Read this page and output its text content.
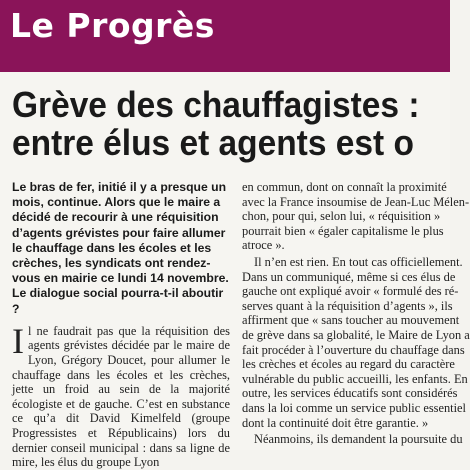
Le Progrès
Grève des chauffagistes :
entre élus et agents est o

Le bras de fer, initié il y a presque un mois, continue. Alors que le maire a décidé de recourir à une réquisition d’agents grévistes pour faire allumer le chauffage dans les écoles et les crèches, les syndicats ont rendez-vous en mairie ce lundi 14 novembre. Le dialogue social pourra-t-il aboutir ?

Il ne faudrait pas que la réquisition des agents grévistes décidée par le maire de Lyon, Grégory Doucet, pour allumer le chauffage dans les écoles et les crèches, jette un froid au sein de la majorité écologiste et de gauche. C’est en substance ce qu’a dit David Kimelfeld (groupe Progressistes et Républicains) lors du dernier conseil municipal : dans sa ligne de mire, les élus du groupe Lyon

en commun, dont on connaît la proximité
avec la France insoumise de Jean-Luc Mélen-
chon, pour qui, selon lui, « réquisition »
pourrait bien « égaler capitalisme le plus
atroce ».
Il n’en est rien. En tout cas officiellement.
Dans un communiqué, même si ces élus de
gauche ont expliqué avoir « formulé des ré-
serves quant à la réquisition d’agents », ils
affirment que « sans toucher au mouvement
de grève dans sa globalité, le Maire de Lyon a
fait procéder à l’ouverture du chauffage dans
les crèches et écoles au regard du caractère
vulnérable du public accueilli, les enfants. En
outre, les services éducatifs sont considérés
dans la loi comme un service public essentiel
dont la continuité doit être garantie. »
Néanmoins, ils demandent la poursuite du
